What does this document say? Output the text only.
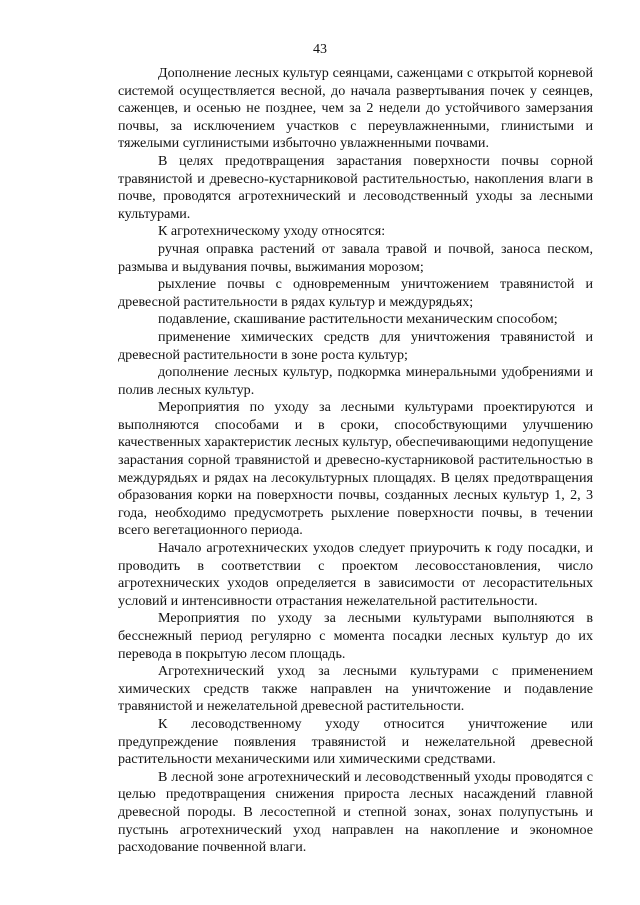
43

Дополнение лесных культур сеянцами, саженцами с открытой корневой системой осуществляется весной, до начала развертывания почек у сеянцев, саженцев, и осенью не позднее, чем за 2 недели до устойчивого замерзания почвы, за исключением участков с переувлажненными, глинистыми и тяжелыми суглинистыми избыточно увлажненными почвами.

В целях предотвращения зарастания поверхности почвы сорной травянистой и древесно-кустарниковой растительностью, накопления влаги в почве, проводятся агротехнический и лесоводственный уходы за лесными культурами.

К агротехническому уходу относятся:

ручная оправка растений от завала травой и почвой, заноса песком, размыва и выдувания почвы, выжимания морозом;

рыхление почвы с одновременным уничтожением травянистой и древесной растительности в рядах культур и междурядьях;

подавление, скашивание растительности механическим способом;

применение химических средств для уничтожения травянистой и древесной растительности в зоне роста культур;

дополнение лесных культур, подкормка минеральными удобрениями и полив лесных культур.

Мероприятия по уходу за лесными культурами проектируются и выполняются способами и в сроки, способствующими улучшению качественных характеристик лесных культур, обеспечивающими недопущение зарастания сорной травянистой и древесно-кустарниковой растительностью в междурядьях и рядах на лесокультурных площадях. В целях предотвращения образования корки на поверхности почвы, созданных лесных культур 1, 2, 3 года, необходимо предусмотреть рыхление поверхности почвы, в течении всего вегетационного периода.

Начало агротехнических уходов следует приурочить к году посадки, и проводить в соответствии с проектом лесовосстановления, число агротехнических уходов определяется в зависимости от лесорастительных условий и интенсивности отрастания нежелательной растительности.

Мероприятия по уходу за лесными культурами выполняются в бесснежный период регулярно с момента посадки лесных культур до их перевода в покрытую лесом площадь.

Агротехнический уход за лесными культурами с применением химических средств также направлен на уничтожение и подавление травянистой и нежелательной древесной растительности.

К лесоводственному уходу относится уничтожение или предупреждение появления травянистой и нежелательной древесной растительности механическими или химическими средствами.

В лесной зоне агротехнический и лесоводственный уходы проводятся с целью предотвращения снижения прироста лесных насаждений главной древесной породы. В лесостепной и степной зонах, зонах полупустынь и пустынь агротехнический уход направлен на накопление и экономное расходование почвенной влаги.
